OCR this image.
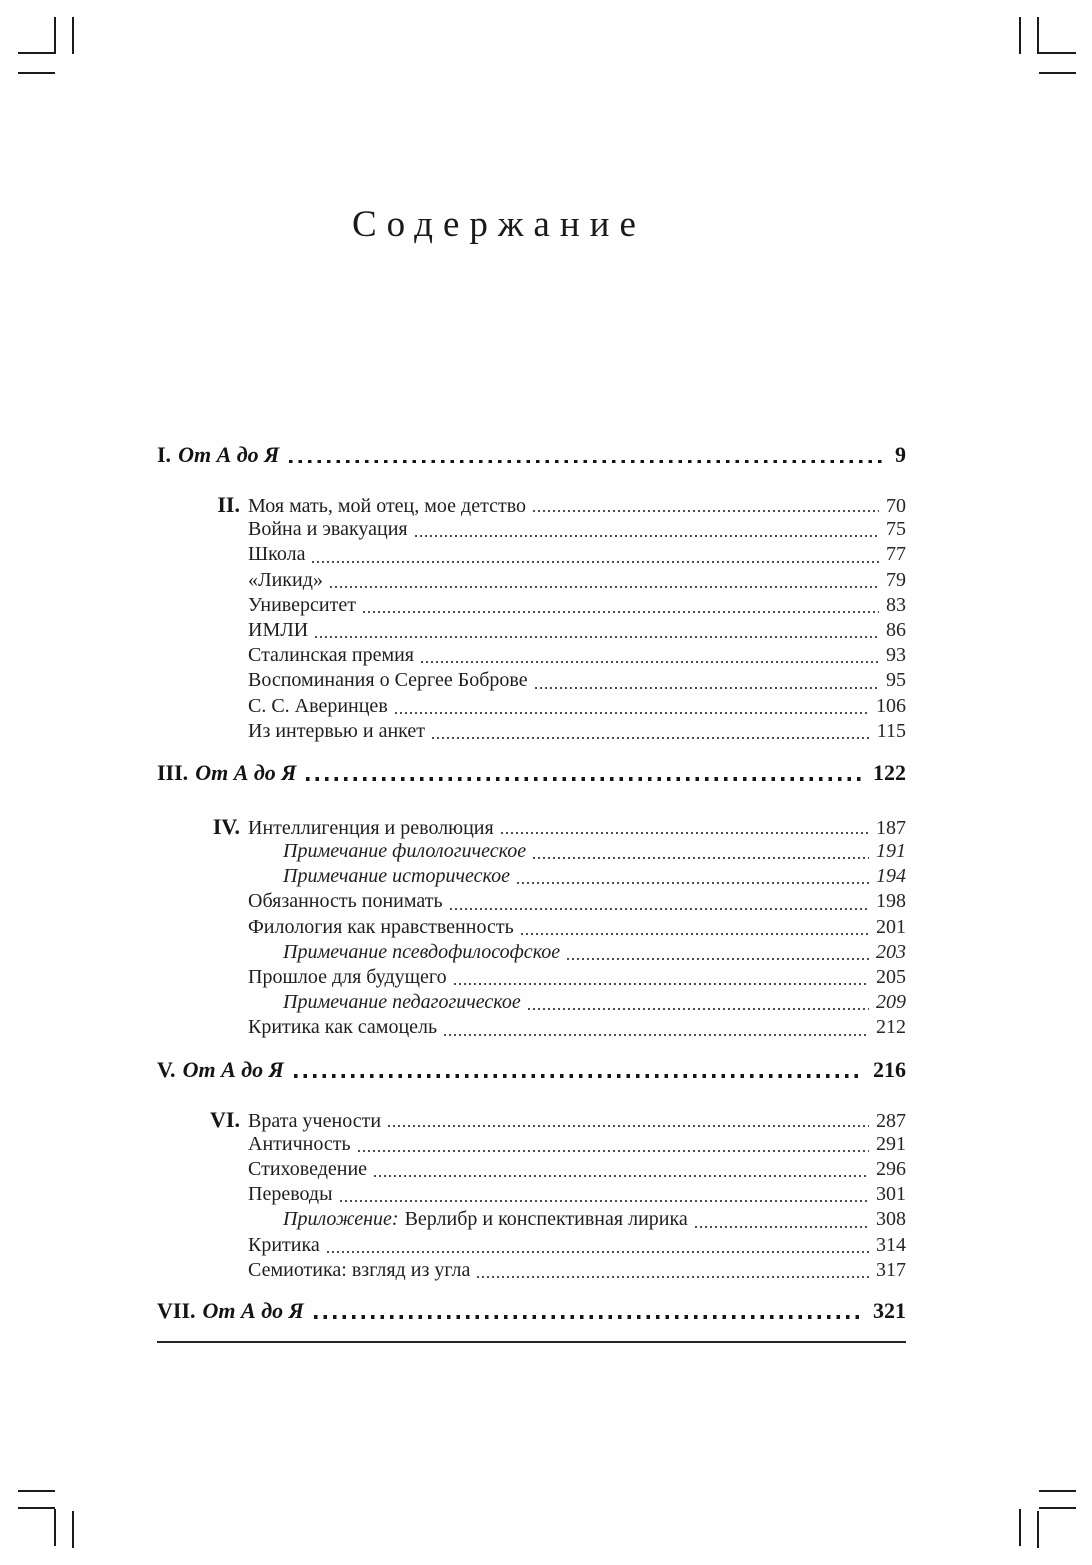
Содержание
I. От А до Я	9
II. Моя мать, мой отец, мое детство	70
Война и эвакуация	75
Школа	77
«Ликид»	79
Университет	83
ИМЛИ	86
Сталинская премия	93
Воспоминания о Сергее Боброве	95
С. С. Аверинцев	106
Из интервью и анкет	115
III. От А до Я	122
IV. Интеллигенция и революция	187
Примечание филологическое	191
Примечание историческое	194
Обязанность понимать	198
Филология как нравственность	201
Примечание псевдофилософское	203
Прошлое для будущего	205
Примечание педагогическое	209
Критика как самоцель	212
V. От А до Я	216
VI. Врата учености	287
Античность	291
Стиховедение	296
Переводы	301
Приложение: Верлибр и конспективная лирика	308
Критика	314
Семиотика: взгляд из угла	317
VII. От А до Я	321
